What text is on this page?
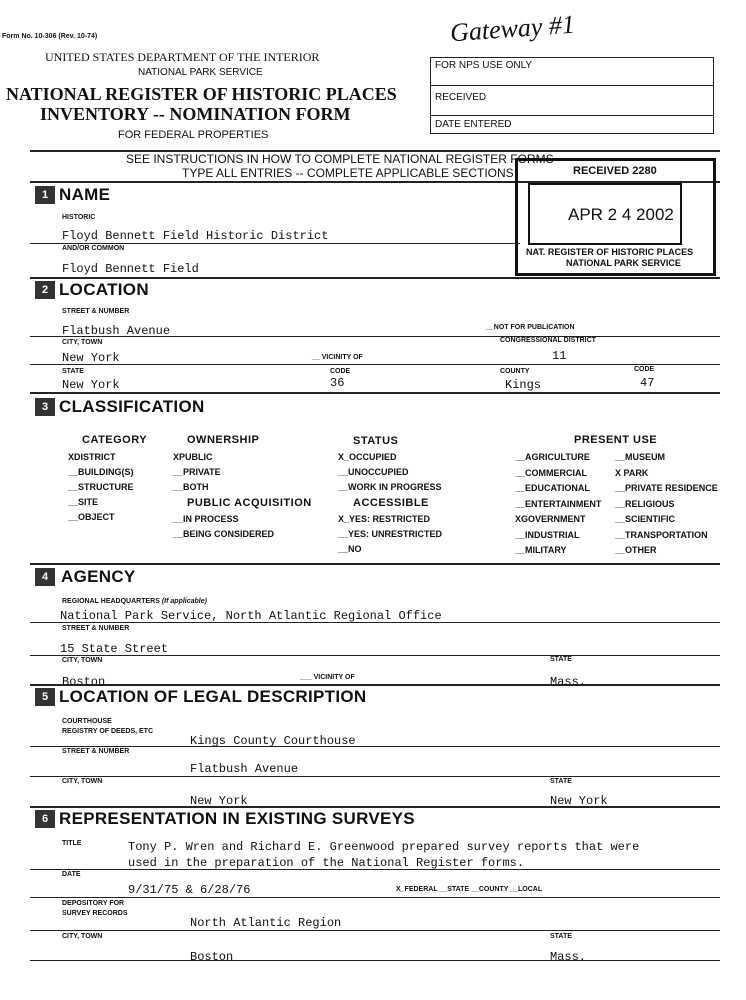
Form No. 10-306 (Rev. 10-74)	Gateway #1
UNITED STATES DEPARTMENT OF THE INTERIOR
NATIONAL PARK SERVICE
NATIONAL REGISTER OF HISTORIC PLACES
INVENTORY -- NOMINATION FORM
FOR FEDERAL PROPERTIES
FOR NPS USE ONLY
RECEIVED
DATE ENTERED
SEE INSTRUCTIONS IN HOW TO COMPLETE NATIONAL REGISTER FORMS
TYPE ALL ENTRIES -- COMPLETE APPLICABLE SECTIONS	RECEIVED 2280
APR 2 4 2002
NAT. REGISTER OF HISTORIC PLACES
NATIONAL PARK SERVICE
1 NAME
HISTORIC
Floyd Bennett Field Historic District
AND/OR COMMON
Floyd Bennett Field
2 LOCATION
STREET & NUMBER
Flatbush Avenue	__NOT FOR PUBLICATION
CITY, TOWN	CONGRESSIONAL DISTRICT
New York	__ VICINITY OF	11
STATE	CODE	COUNTY	CODE
New York	36	Kings	47
3 CLASSIFICATION
CATEGORY
XDISTRICT
__BUILDING(S)
__STRUCTURE
__SITE
__OBJECT
OWNERSHIP
XPUBLIC
__PRIVATE
__BOTH
PUBLIC ACQUISITION
__IN PROCESS
__BEING CONSIDERED
STATUS
X_OCCUPIED
__UNOCCUPIED
__WORK IN PROGRESS
ACCESSIBLE
X_YES: RESTRICTED
__YES: UNRESTRICTED
__NO
PRESENT USE
__AGRICULTURE
__COMMERCIAL
__EDUCATIONAL
__ENTERTAINMENT
XGOVERNMENT
__INDUSTRIAL
__MILITARY
__MUSEUM
X PARK
__PRIVATE RESIDENCE
__RELIGIOUS
__SCIENTIFIC
__TRANSPORTATION
__OTHER
4 AGENCY
REGIONAL HEADQUARTERS (If applicable)
National Park Service, North Atlantic Regional Office
STREET & NUMBER
15 State Street
CITY, TOWN	STATE
Boston	___ VICINITY OF	Mass.
5 LOCATION OF LEGAL DESCRIPTION
COURTHOUSE
REGISTRY OF DEEDS, ETC
Kings County Courthouse
STREET & NUMBER
Flatbush Avenue
CITY, TOWN	STATE
New York	New York
6 REPRESENTATION IN EXISTING SURVEYS
TITLE	Tony P. Wren and Richard E. Greenwood prepared survey reports that were
used in the preparation of the National Register forms.
DATE
9/31/75 & 6/28/76	X_FEDERAL __STATE __COUNTY __LOCAL
DEPOSITORY FOR
SURVEY RECORDS
North Atlantic Region
CITY, TOWN	STATE
Boston	Mass.
